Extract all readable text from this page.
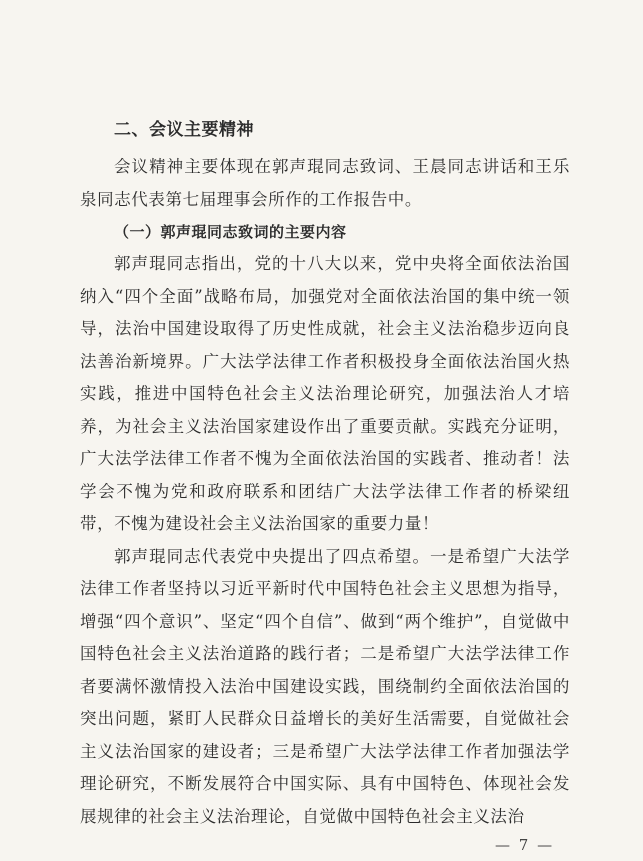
二、会议主要精神

会议精神主要体现在郭声琨同志致词、王晨同志讲话和王乐泉同志代表第七届理事会所作的工作报告中。

（一）郭声琨同志致词的主要内容

郭声琨同志指出，党的十八大以来，党中央将全面依法治国纳入“四个全面”战略布局，加强党对全面依法治国的集中统一领导，法治中国建设取得了历史性成就，社会主义法治稳步迈向良法善治新境界。广大法学法律工作者积极投身全面依法治国火热实践，推进中国特色社会主义法治理论研究，加强法治人才培养，为社会主义法治国家建设作出了重要贡献。实践充分证明，广大法学法律工作者不愧为全面依法治国的实践者、推动者！法学会不愧为党和政府联系和团结广大法学法律工作者的桥梁纽带，不愧为建设社会主义法治国家的重要力量！

郭声琨同志代表党中央提出了四点希望。一是希望广大法学法律工作者坚持以习近平新时代中国特色社会主义思想为指导，增强“四个意识”、坚定“四个自信”、做到“两个维护”，自觉做中国特色社会主义法治道路的践行者；二是希望广大法学法律工作者要满怀激情投入法治中国建设实践，围绕制约全面依法治国的突出问题，紧盯人民群众日益增长的美好生活需要，自觉做社会主义法治国家的建设者；三是希望广大法学法律工作者加强法学理论研究，不断发展符合中国实际、具有中国特色、体现社会发展规律的社会主义法治理论，自觉做中国特色社会主义法治

— 7 —
